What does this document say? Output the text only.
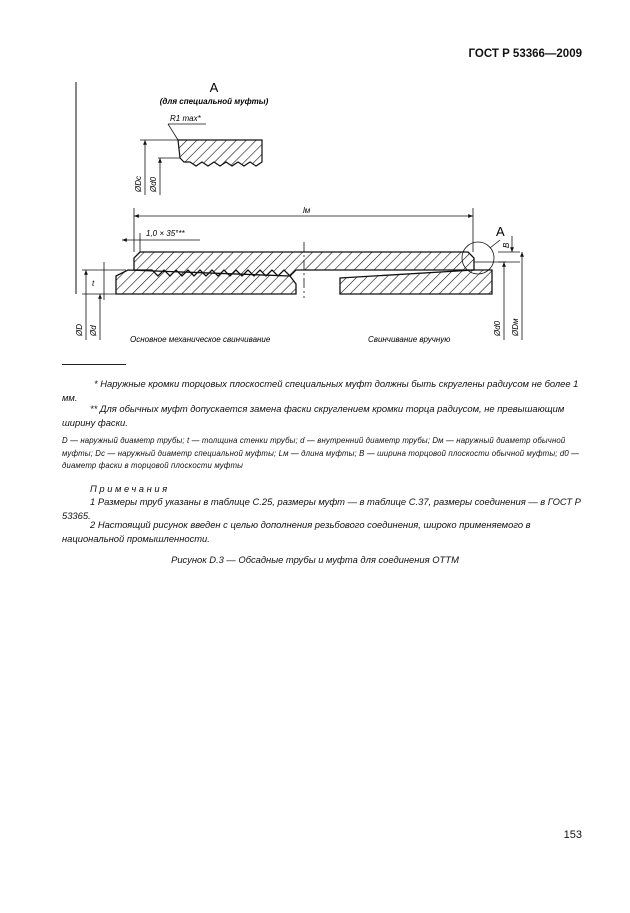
ГОСТ Р 53366—2009
A
(для специальной муфты)
R1 max*
ØDc Ød0
lм
1,0 × 35°**	A
B
Ød0 ØDм
t
ØD Ød
Основное механическое свинчивание	Свинчивание вручную
* Наружные кромки торцовых плоскостей специальных муфт должны быть скруглены радиусом не более 1 мм.
** Для обычных муфт допускается замена фаски скруглением кромки торца радиусом, не превышающим ширину фаски.
D — наружный диаметр трубы; t — толщина стенки трубы; d — внутренний диаметр трубы; Dм — наружный диаметр обычной муфты; Dc — наружный диаметр специальной муфты; Lм — длина муфты; B — ширина торцовой плоскости обычной муфты; d0 — диаметр фаски в торцовой плоскости муфты
Примечания
1 Размеры труб указаны в таблице С.25, размеры муфт — в таблице С.37, размеры соединения — в ГОСТ Р 53365.
2 Настоящий рисунок введен с целью дополнения резьбового соединения, широко применяемого в национальной промышленности.
Рисунок D.3 — Обсадные трубы и муфта для соединения ОТТМ
153
